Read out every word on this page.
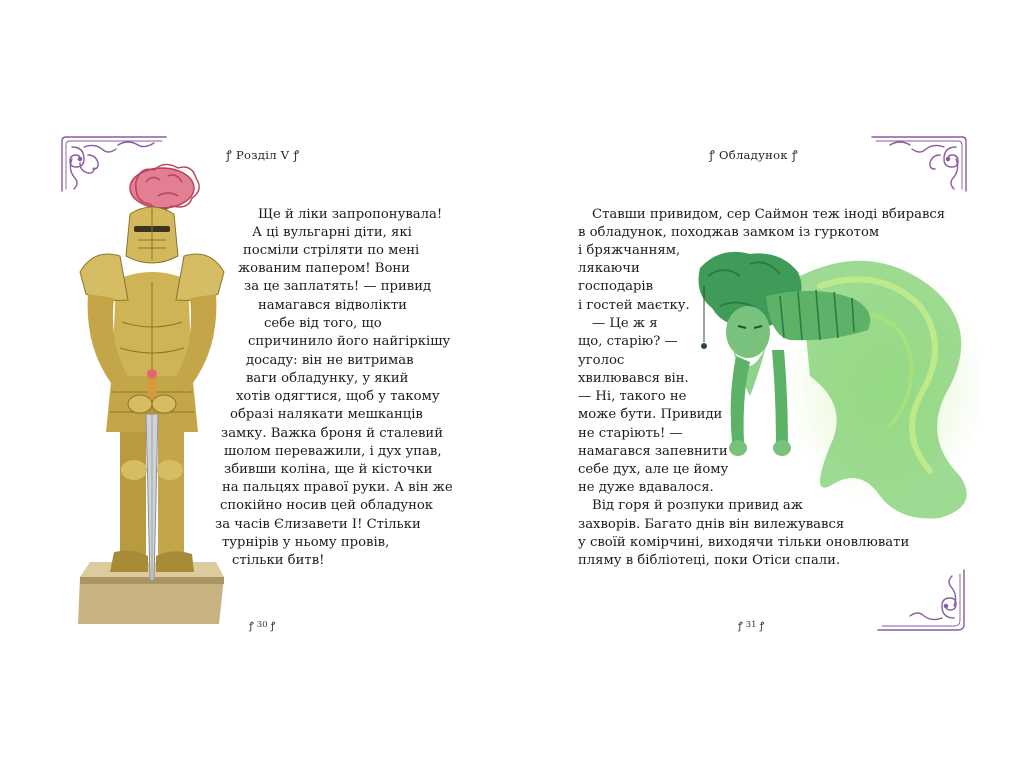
ꝭ Розділ V ꝭ
Ще й ліки запропонувала!
А ці вульгарні діти, які
посміли стріляти по мені
жованим папером! Вони
за це заплатять! — привид
намагався відволікти
себе від того, що
спричинило його найгіркішу
досаду: він не витримав
ваги обладунку, у який
хотів одягтися, щоб у такому
образі налякати мешканців
замку. Важка броня й сталевий
шолом переважили, і дух упав,
збивши коліна, ще й кісточки
на пальцях правої руки. А він же
спокійно носив цей обладунок
за часів Єлизавети I! Стільки
турнірів у ньому провів,
стільки битв!
ꝭ 30 ꝭ
ꝭ Обладунок ꝭ
Ставши привидом, сер Саймон теж іноді вбирався
в обладунок, походжав замком із гуркотом
і бряжчанням,
лякаючи
господарів
і гостей маєтку.
— Це ж я
що, старію? —
уголос
хвилювався він.
— Ні, такого не
може бути. Привиди
не старіють! —
намагався запевнити
себе дух, але це йому
не дуже вдавалося.
Від горя й розпуки привид аж
захворів. Багато днів він вилежувався
у своїй комірчині, виходячи тільки оновлювати
пляму в бібліотеці, поки Отіси спали.
ꝭ 31 ꝭ
